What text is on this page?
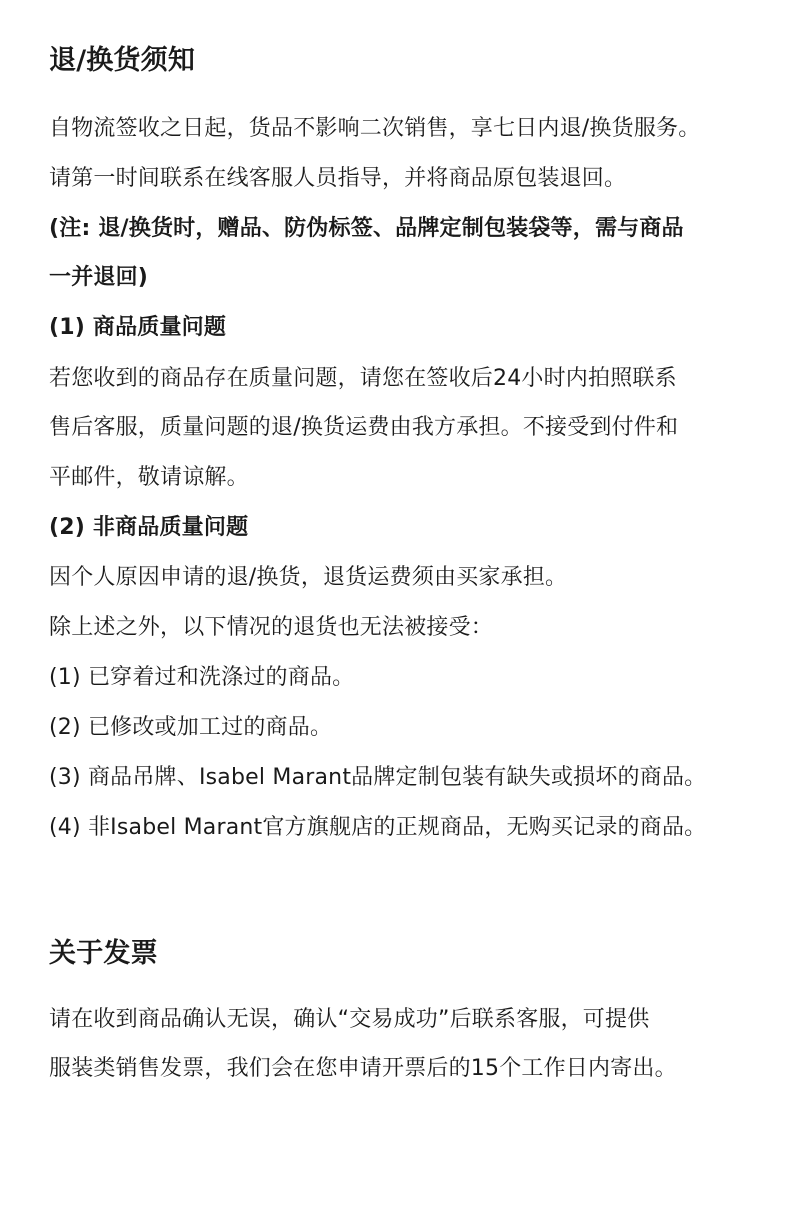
退/换货须知
自物流签收之日起，货品不影响二次销售，享七日内退/换货服务。
请第一时间联系在线客服人员指导，并将商品原包装退回。
(注: 退/换货时，赠品、防伪标签、品牌定制包装袋等，需与商品
一并退回)
(1) 商品质量问题
若您收到的商品存在质量问题，请您在签收后24小时内拍照联系
售后客服，质量问题的退/换货运费由我方承担。不接受到付件和
平邮件，敬请谅解。
(2) 非商品质量问题
因个人原因申请的退/换货，退货运费须由买家承担。
除上述之外，以下情况的退货也无法被接受：
(1) 已穿着过和洗涤过的商品。
(2) 已修改或加工过的商品。
(3) 商品吊牌、Isabel Marant品牌定制包装有缺失或损坏的商品。
(4) 非Isabel Marant官方旗舰店的正规商品，无购买记录的商品。
关于发票
请在收到商品确认无误，确认“交易成功”后联系客服，可提供
服装类销售发票，我们会在您申请开票后的15个工作日内寄出。
